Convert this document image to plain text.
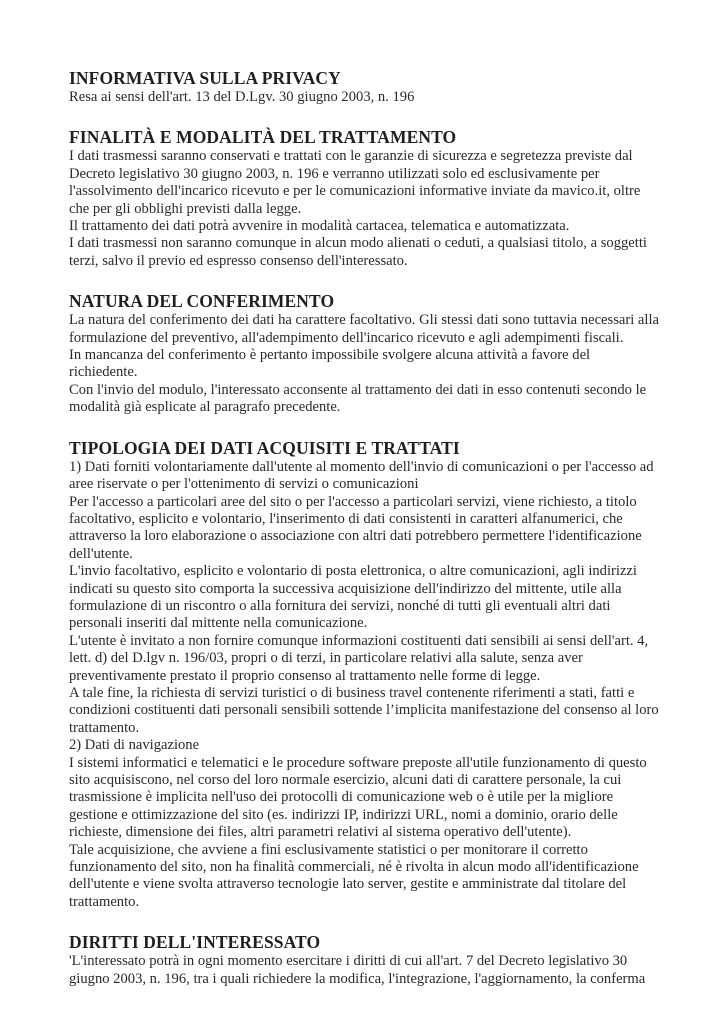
INFORMATIVA SULLA PRIVACY

Resa ai sensi dell'art. 13 del D.Lgv. 30 giugno 2003, n. 196

FINALITÀ E MODALITÀ DEL TRATTAMENTO

I dati trasmessi saranno conservati e trattati con le garanzie di sicurezza e segretezza previste dal Decreto legislativo 30 giugno 2003, n. 196 e verranno utilizzati solo ed esclusivamente per l'assolvimento dell'incarico ricevuto e per le comunicazioni informative inviate da mavico.it, oltre che per gli obblighi previsti dalla legge.

Il trattamento dei dati potrà avvenire in modalità cartacea, telematica e automatizzata.

I dati trasmessi non saranno comunque in alcun modo alienati o ceduti, a qualsiasi titolo, a soggetti terzi, salvo il previo ed espresso consenso dell'interessato.

NATURA DEL CONFERIMENTO

La natura del conferimento dei dati ha carattere facoltativo. Gli stessi dati sono tuttavia necessari alla formulazione del preventivo, all'adempimento dell'incarico ricevuto e agli adempimenti fiscali.

In mancanza del conferimento è pertanto impossibile svolgere alcuna attività a favore del richiedente.

Con l'invio del modulo, l'interessato acconsente al trattamento dei dati in esso contenuti secondo le modalità già esplicate al paragrafo precedente.

TIPOLOGIA DEI DATI ACQUISITI E TRATTATI

1) Dati forniti volontariamente dall'utente al momento dell'invio di comunicazioni o per l'accesso ad aree riservate o per l'ottenimento di servizi o comunicazioni

Per l'accesso a particolari aree del sito o per l'accesso a particolari servizi, viene richiesto, a titolo facoltativo, esplicito e volontario, l'inserimento di dati consistenti in caratteri alfanumerici, che attraverso la loro elaborazione o associazione con altri dati potrebbero permettere l'identificazione dell'utente.

L'invio facoltativo, esplicito e volontario di posta elettronica, o altre comunicazioni, agli indirizzi indicati su questo sito comporta la successiva acquisizione dell'indirizzo del mittente, utile alla formulazione di un riscontro o alla fornitura dei servizi, nonché di tutti gli eventuali altri dati personali inseriti dal mittente nella comunicazione.

L'utente è invitato a non fornire comunque informazioni costituenti dati sensibili ai sensi dell'art. 4, lett. d) del D.lgv n. 196/03, propri o di terzi, in particolare relativi alla salute, senza aver preventivamente prestato il proprio consenso al trattamento nelle forme di legge.

A tale fine, la richiesta di servizi turistici o di business travel contenente riferimenti a stati, fatti e condizioni costituenti dati personali sensibili sottende l’implicita manifestazione del consenso al loro trattamento.

2) Dati di navigazione

I sistemi informatici e telematici e le procedure software preposte all'utile funzionamento di questo sito acquisiscono, nel corso del loro normale esercizio, alcuni dati di carattere personale, la cui trasmissione è implicita nell'uso dei protocolli di comunicazione web o è utile per la migliore gestione e ottimizzazione del sito (es. indirizzi IP, indirizzi URL, nomi a dominio, orario delle richieste, dimensione dei files, altri parametri relativi al sistema operativo dell'utente).

Tale acquisizione, che avviene a fini esclusivamente statistici o per monitorare il corretto funzionamento del sito, non ha finalità commerciali, né è rivolta in alcun modo all'identificazione dell'utente e viene svolta attraverso tecnologie lato server, gestite e amministrate dal titolare del trattamento.

DIRITTI DELL'INTERESSATO

'L'interessato potrà in ogni momento esercitare i diritti di cui all'art. 7 del Decreto legislativo 30 giugno 2003, n. 196, tra i quali richiedere la modifica, l'integrazione, l'aggiornamento, la conferma
